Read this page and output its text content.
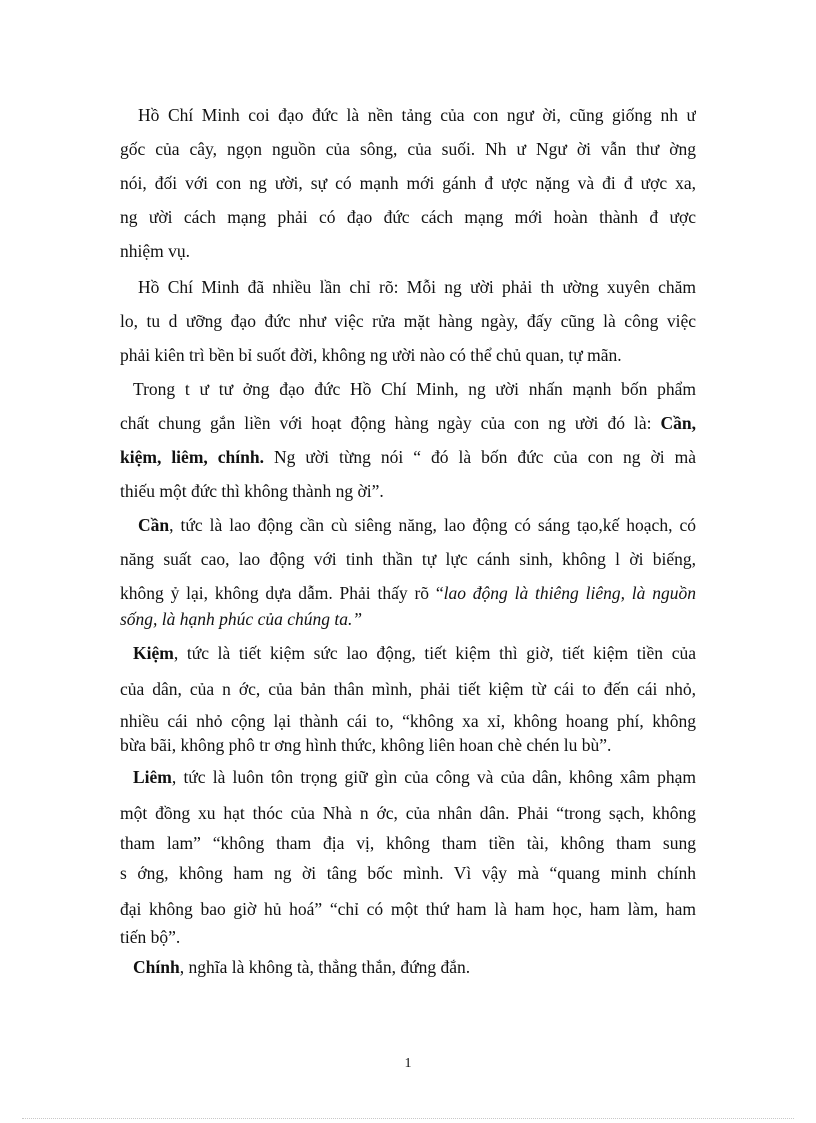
Hồ Chí Minh coi đạo đức là nền tảng của con ngư ời, cũng giống nh ư
gốc của cây, ngọn nguồn của sông, của suối. Nh ư Ngư ời vẫn thư ờng
nói, đối với con ng ười, sự có mạnh mới gánh đ ược nặng và đi đ ược xa,
ng ười cách mạng phải có đạo đức cách mạng mới hoàn thành đ ược
nhiệm vụ.
Hồ Chí Minh đã nhiều lần chỉ rõ: Mỗi ng ười phải th ường xuyên chăm
lo, tu d ưỡng đạo đức như việc rửa mặt hàng ngày, đấy cũng là công việc
phải kiên trì bền bỉ suốt đời, không ng ười nào có thể chủ quan, tự mãn.
Trong t ư tư ởng đạo đức Hồ Chí Minh, ng ười nhấn mạnh bốn phẩm
chất chung gắn liền với hoạt động hàng ngày của con ng ười đó là: Cần,
kiệm, liêm, chính. Ng ười từng nói “ đó là bốn đức của con ng ời mà
thiếu một đức thì không thành ng ời”.
Cần, tức là lao động cần cù siêng năng, lao động có sáng tạo,kế hoạch, có
năng suất cao, lao động với tinh thần tự lực cánh sinh, không l ời biếng,
không ỷ lại, không dựa dẫm. Phải thấy rõ “lao động là thiêng liêng, là nguồn
sống, là hạnh phúc của chúng ta.”
Kiệm, tức là tiết kiệm sức lao động, tiết kiệm thì giờ, tiết kiệm tiền của
của dân, của n ớc, của bản thân mình, phải tiết kiệm từ cái to đến cái nhỏ,
nhiều cái nhỏ cộng lại thành cái to, “không xa xỉ, không hoang phí, không
bừa bãi, không phô tr ơng hình thức, không liên hoan chè chén lu bù”.
Liêm, tức là luôn tôn trọng giữ gìn của công và của dân, không xâm phạm
một đồng xu hạt thóc của Nhà n ớc, của nhân dân. Phải “trong sạch, không
tham lam” “không tham địa vị, không tham tiền tài, không tham sung
s ớng, không ham ng ời tâng bốc mình. Vì vậy mà “quang minh chính
đại không bao giờ hủ hoá” “chỉ có một thứ ham là ham học, ham làm, ham
tiến bộ”.
Chính, nghĩa là không tà, thẳng thắn, đứng đắn.
1
